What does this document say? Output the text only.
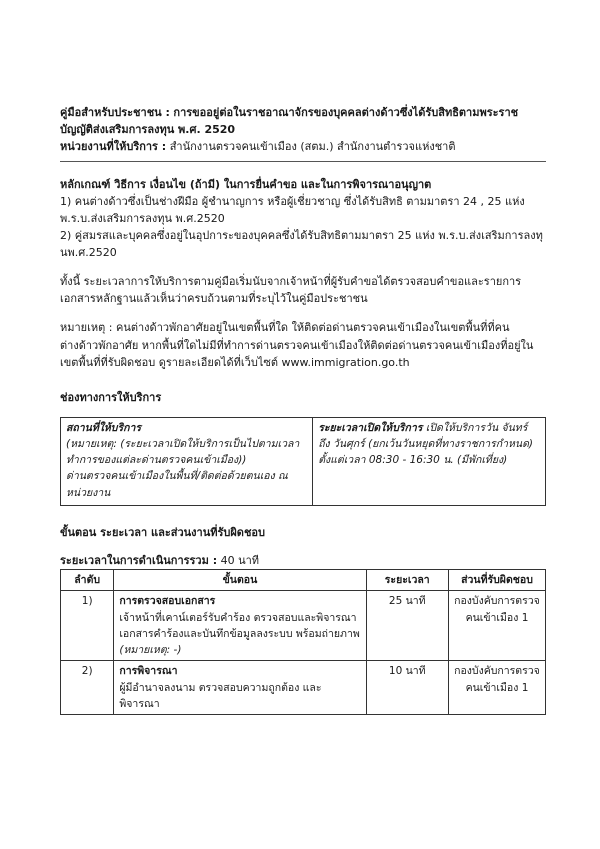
คู่มือสำหรับประชาชน : การขออยู่ต่อในราชอาณาจักรของบุคคลต่างด้าวซึ่งได้รับสิทธิตามพระราชบัญญัติส่งเสริมการลงทุน พ.ศ. 2520

หน่วยงานที่ให้บริการ : สำนักงานตรวจคนเข้าเมือง (สตม.) สำนักงานตำรวจแห่งชาติ

หลักเกณฑ์ วิธีการ เงื่อนไข (ถ้ามี) ในการยื่นคำขอ และในการพิจารณาอนุญาต

1) คนต่างด้าวซึ่งเป็นช่างฝีมือ ผู้ชำนาญการ หรือผู้เชี่ยวชาญ ซึ่งได้รับสิทธิ ตามมาตรา 24 , 25 แห่ง พ.ร.บ.ส่งเสริมการลงทุน พ.ศ.2520

2) คู่สมรสและบุคคลซึ่งอยู่ในอุปการะของบุคคลซึ่งได้รับสิทธิตามมาตรา 25 แห่ง พ.ร.บ.ส่งเสริมการลงทุนพ.ศ.2520

ทั้งนี้ ระยะเวลาการให้บริการตามคู่มือเริ่มนับจากเจ้าหน้าที่ผู้รับคำขอได้ตรวจสอบคำขอและรายการเอกสารหลักฐานแล้วเห็นว่าครบถ้วนตามที่ระบุไว้ในคู่มือประชาชน

หมายเหตุ : คนต่างด้าวพักอาศัยอยู่ในเขตพื้นที่ใด ให้ติดต่อด่านตรวจคนเข้าเมืองในเขตพื้นที่ที่คนต่างด้าวพักอาศัย หากพื้นที่ใดไม่มีที่ทำการด่านตรวจคนเข้าเมืองให้ติดต่อด่านตรวจคนเข้าเมืองที่อยู่ในเขตพื้นที่ที่รับผิดชอบ ดูรายละเอียดได้ที่เว็บไซต์ www.immigration.go.th

ช่องทางการให้บริการ

สถานที่ให้บริการ
(หมายเหตุ: (ระยะเวลาเปิดให้บริการเป็นไปตามเวลาทำการของแต่ละด่านตรวจคนเข้าเมือง))
ด่านตรวจคนเข้าเมืองในพื้นที่/ติดต่อด้วยตนเอง ณ หน่วยงาน
	ระยะเวลาเปิดให้บริการ เปิดให้บริการวัน จันทร์ ถึง วันศุกร์ (ยกเว้นวันหยุดที่ทางราชการกำหนด) ตั้งแต่เวลา 08:30 - 16:30 น. (มีพักเที่ยง)

ขั้นตอน ระยะเวลา และส่วนงานที่รับผิดชอบ

ระยะเวลาในการดำเนินการรวม : 40 นาที

ลำดับ	ขั้นตอน	ระยะเวลา	ส่วนที่รับผิดชอบ
1)	การตรวจสอบเอกสาร
เจ้าหน้าที่เคาน์เตอร์รับคำร้อง ตรวจสอบและพิจารณาเอกสารคำร้องและบันทึกข้อมูลลงระบบ พร้อมถ่ายภาพ
(หมายเหตุ: -)	25 นาที	กองบังคับการตรวจคนเข้าเมือง 1
2)	การพิจารณา
ผู้มีอำนาจลงนาม ตรวจสอบความถูกต้อง และพิจารณา	10 นาที	กองบังคับการตรวจคนเข้าเมือง 1
